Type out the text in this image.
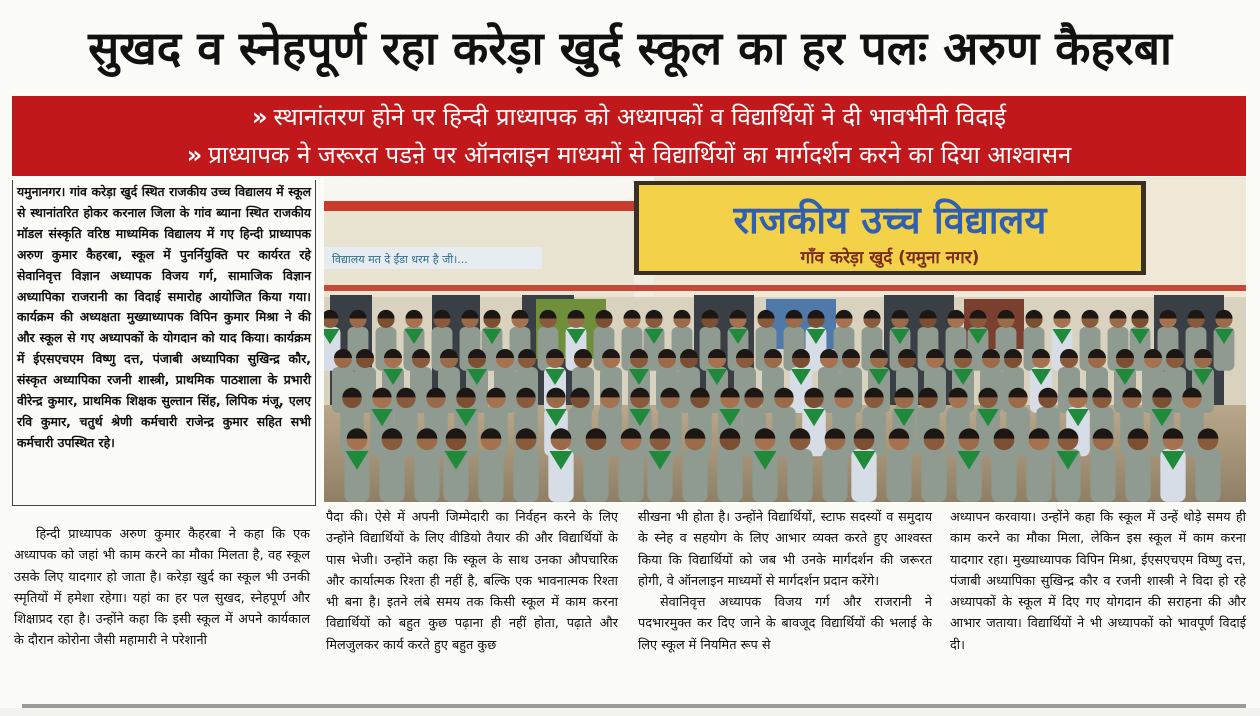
सुखद व स्नेहपूर्ण रहा करेड़ा खुर्द स्कूल का हर पलः अरुण कैहरबा
» स्थानांतरण होने पर हिन्दी प्राध्यापक को अध्यापकों व विद्यार्थियों ने दी भावभीनी विदाई
» प्राध्यापक ने जरूरत पडऩे पर ऑनलाइन माध्यमों से विद्यार्थियों का मार्गदर्शन करने का दिया आश्वासन

यमुनानगर। गांव करेड़ा खुर्द स्थित राजकीय उच्च विद्यालय में स्कूल से स्थानांतरित होकर करनाल जिला के गांव ब्याना स्थित राजकीय मॉडल संस्कृति वरिष्ठ माध्यमिक विद्यालय में गए हिन्दी प्राध्यापक अरुण कुमार कैहरबा, स्कूल में पुनर्नियुक्ति पर कार्यरत रहे सेवानिवृत्त विज्ञान अध्यापक विजय गर्ग, सामाजिक विज्ञान अध्यापिका राजरानी का विदाई समारोह आयोजित किया गया। कार्यक्रम की अध्यक्षता मुख्याध्यापक विपिन कुमार मिश्रा ने की और स्कूल से गए अध्यापकों के योगदान को याद किया। कार्यक्रम में ईएसएचएम विष्णु दत्त, पंजाबी अध्यापिका सुखिन्द्र कौर, संस्कृत अध्यापिका रजनी शास्त्री, प्राथमिक पाठशाला के प्रभारी वीरेन्द्र कुमार, प्राथमिक शिक्षक सुल्तान सिंह, लिपिक मंजू, एलए रवि कुमार, चतुर्थ श्रेणी कर्मचारी राजेन्द्र कुमार सहित सभी कर्मचारी उपस्थित रहे।

राजकीय उच्च विद्यालय
गाँव करेड़ा खुर्द (यमुना नगर)
विद्यालय मत दे ईंडा धरम है जी।...

हिन्दी प्राध्यापक अरुण कुमार कैहरबा ने कहा कि एक अध्यापक को जहां भी काम करने का मौका मिलता है, वह स्कूल उसके लिए यादगार हो जाता है। करेड़ा खुर्द का स्कूल भी उनकी स्मृतियों में हमेशा रहेगा। यहां का हर पल सुखद, स्नेहपूर्ण और शिक्षाप्रद रहा है। उन्होंने कहा कि इसी स्कूल में अपने कार्यकाल के दौरान कोरोना जैसी महामारी ने परेशानी

पैदा की। ऐसे में अपनी जिम्मेदारी का निर्वहन करने के लिए उन्होंने विद्यार्थियों के लिए वीडियो तैयार की और विद्यार्थियों के पास भेजी। उन्होंने कहा कि स्कूल के साथ उनका औपचारिक और कार्यात्मक रिश्ता ही नहीं है, बल्कि एक भावनात्मक रिश्ता भी बना है। इतने लंबे समय तक किसी स्कूल में काम करना विद्यार्थियों को बहुत कुछ पढ़ाना ही नहीं होता, पढ़ाते और मिलजुलकर कार्य करते हुए बहुत कुछ

सीखना भी होता है। उन्होंने विद्यार्थियों, स्टाफ सदस्यों व समुदाय के स्नेह व सहयोग के लिए आभार व्यक्त करते हुए आश्वस्त किया कि विद्यार्थियों को जब भी उनके मार्गदर्शन की जरूरत होगी, वे ऑनलाइन माध्यमों से मार्गदर्शन प्रदान करेंगे।
सेवानिवृत्त अध्यापक विजय गर्ग और राजरानी ने पदभारमुक्त कर दिए जाने के बावजूद विद्यार्थियों की भलाई के लिए स्कूल में नियमित रूप से

अध्यापन करवाया। उन्होंने कहा कि स्कूल में उन्हें थोड़े समय ही काम करने का मौका मिला, लेकिन इस स्कूल में काम करना यादगार रहा। मुख्याध्यापक विपिन मिश्रा, ईएसएचएम विष्णु दत्त, पंजाबी अध्यापिका सुखिन्द्र कौर व रजनी शास्त्री ने विदा हो रहे अध्यापकों के स्कूल में दिए गए योगदान की सराहना की और आभार जताया। विद्यार्थियों ने भी अध्यापकों को भावपूर्ण विदाई दी।
